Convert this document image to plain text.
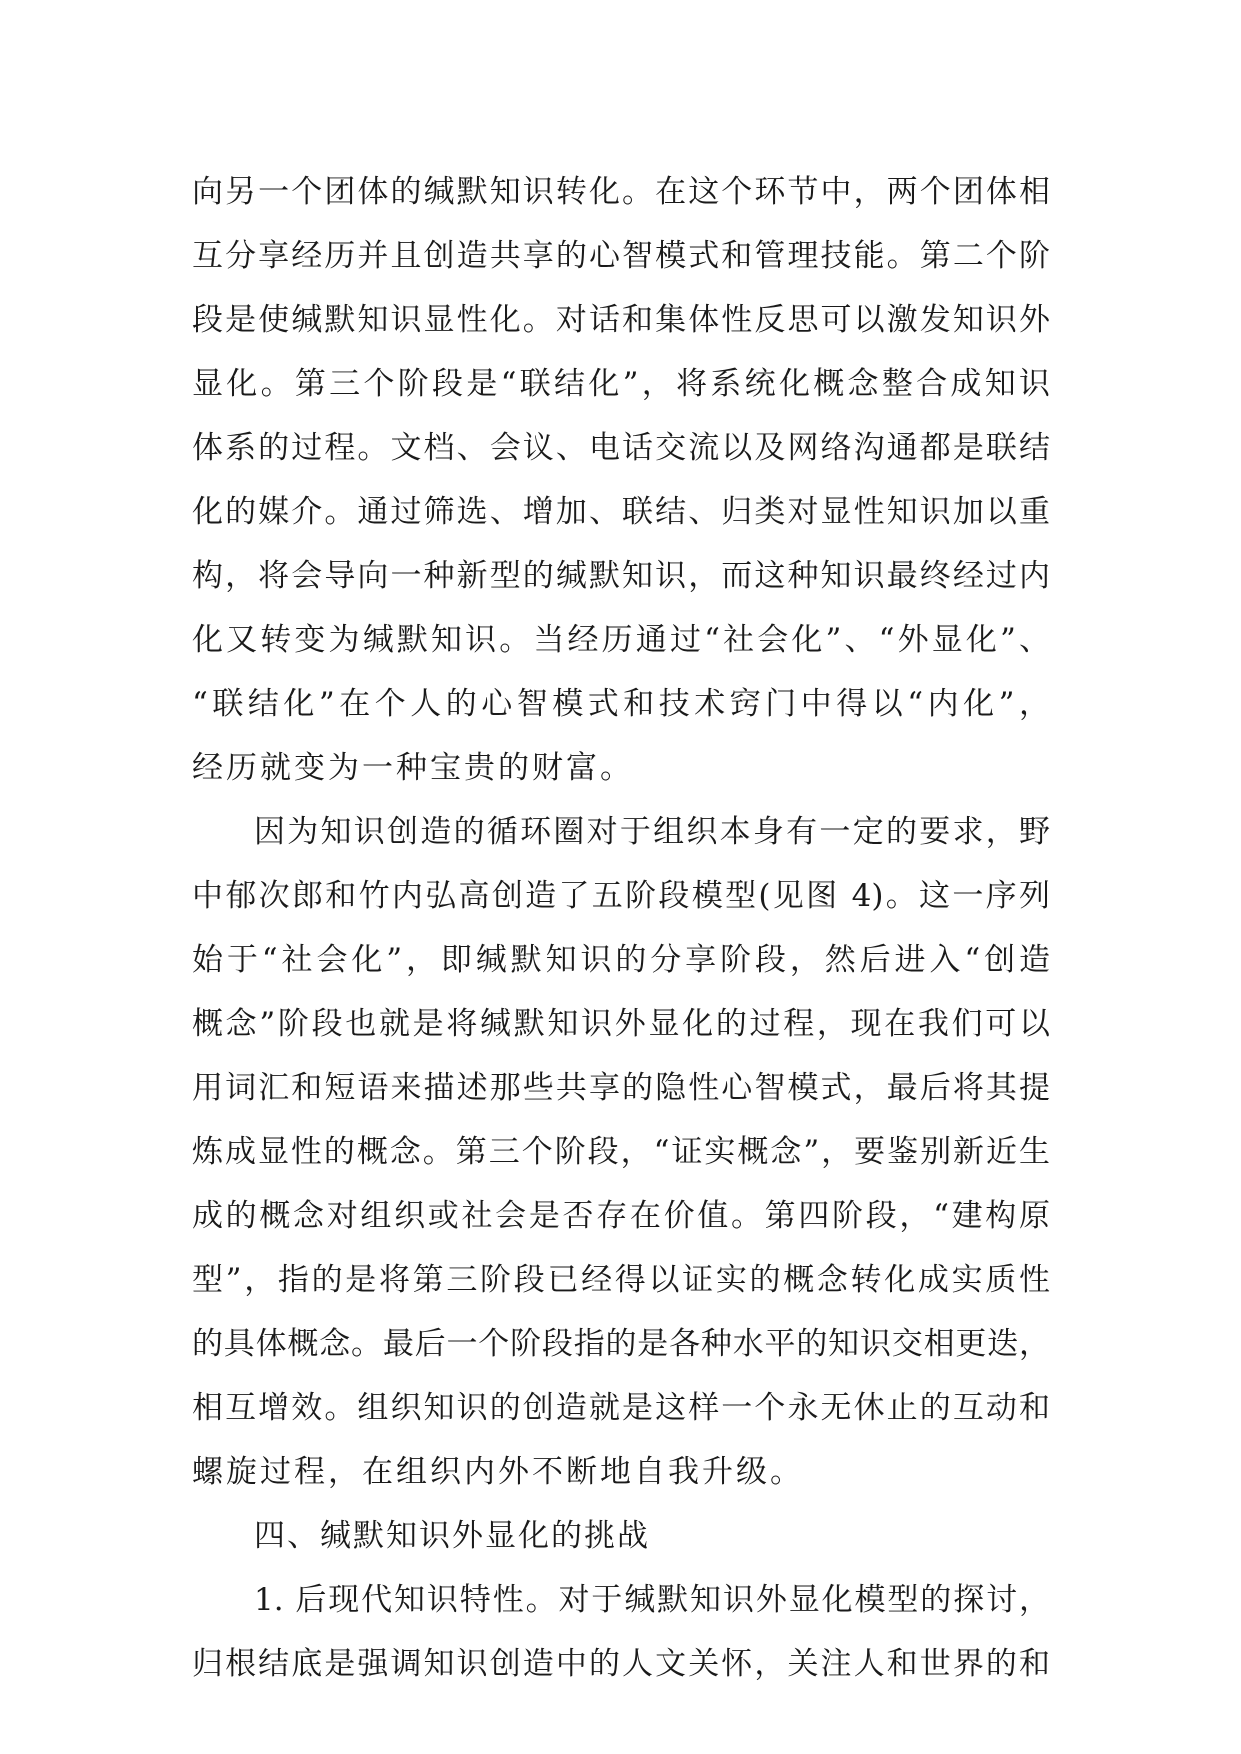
向另一个团体的缄默知识转化。在这个环节中，两个团体相
互分享经历并且创造共享的心智模式和管理技能。第二个阶
段是使缄默知识显性化。对话和集体性反思可以激发知识外
显化。第三个阶段是“联结化”，将系统化概念整合成知识
体系的过程。文档、会议、电话交流以及网络沟通都是联结
化的媒介。通过筛选、增加、联结、归类对显性知识加以重
构，将会导向一种新型的缄默知识，而这种知识最终经过内
化又转变为缄默知识。当经历通过“社会化”、“外显化”、
“联结化”在个人的心智模式和技术窍门中得以“内化”，
经历就变为一种宝贵的财富。
因为知识创造的循环圈对于组织本身有一定的要求，野
中郁次郎和竹内弘高创造了五阶段模型(见图 4)。这一序列
始于“社会化”，即缄默知识的分享阶段，然后进入“创造
概念”阶段也就是将缄默知识外显化的过程，现在我们可以
用词汇和短语来描述那些共享的隐性心智模式，最后将其提
炼成显性的概念。第三个阶段，“证实概念”，要鉴别新近生
成的概念对组织或社会是否存在价值。第四阶段，“建构原
型”，指的是将第三阶段已经得以证实的概念转化成实质性
的具体概念。最后一个阶段指的是各种水平的知识交相更迭，
相互增效。组织知识的创造就是这样一个永无休止的互动和
螺旋过程，在组织内外不断地自我升级。
四、缄默知识外显化的挑战
1. 后现代知识特性。对于缄默知识外显化模型的探讨，
归根结底是强调知识创造中的人文关怀，关注人和世界的和
